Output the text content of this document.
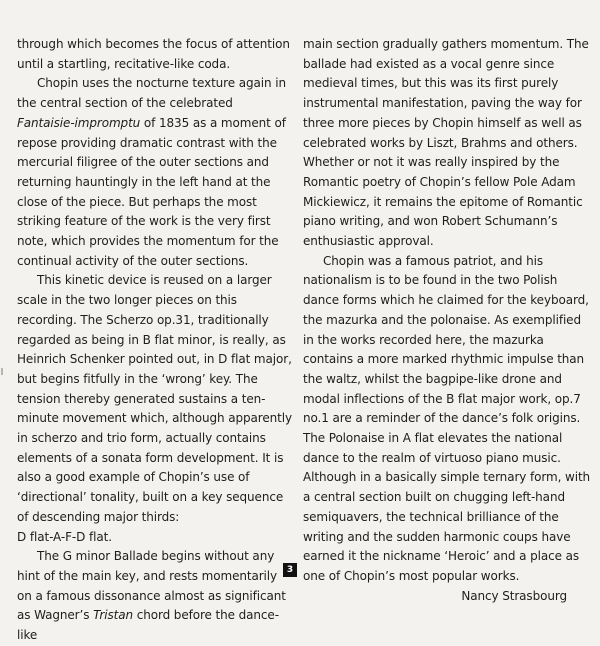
through which becomes the focus of attention until a startling, recitative-like coda.

Chopin uses the nocturne texture again in the central section of the celebrated Fantaisie-impromptu of 1835 as a moment of repose providing dramatic contrast with the mercurial filigree of the outer sections and returning hauntingly in the left hand at the close of the piece. But perhaps the most striking feature of the work is the very first note, which provides the momentum for the continual activity of the outer sections.

This kinetic device is reused on a larger scale in the two longer pieces on this recording. The Scherzo op.31, traditionally regarded as being in B flat minor, is really, as Heinrich Schenker pointed out, in D flat major, but begins fitfully in the ‘wrong’ key. The tension thereby generated sustains a ten-minute movement which, although apparently in scherzo and trio form, actually contains elements of a sonata form development. It is also a good example of Chopin’s use of ‘directional’ tonality, built on a key sequence of descending major thirds:

D flat-A-F-D flat.

The G minor Ballade begins without any hint of the main key, and rests momentarily on a famous dissonance almost as significant as Wagner’s Tristan chord before the dance-like

main section gradually gathers momentum. The ballade had existed as a vocal genre since medieval times, but this was its first purely instrumental manifestation, paving the way for three more pieces by Chopin himself as well as celebrated works by Liszt, Brahms and others. Whether or not it was really inspired by the Romantic poetry of Chopin’s fellow Pole Adam Mickiewicz, it remains the epitome of Romantic piano writing, and won Robert Schumann’s enthusiastic approval.

Chopin was a famous patriot, and his nationalism is to be found in the two Polish dance forms which he claimed for the keyboard, the mazurka and the polonaise. As exemplified in the works recorded here, the mazurka contains a more marked rhythmic impulse than the waltz, whilst the bagpipe-like drone and modal inflections of the B flat major work, op.7 no.1 are a reminder of the dance’s folk origins. The Polonaise in A flat elevates the national dance to the realm of virtuoso piano music. Although in a basically simple ternary form, with a central section built on chugging left-hand semiquavers, the technical brilliance of the writing and the sudden harmonic coups have earned it the nickname ‘Heroic’ and a place as one of Chopin’s most popular works.

Nancy Strasbourg

3
